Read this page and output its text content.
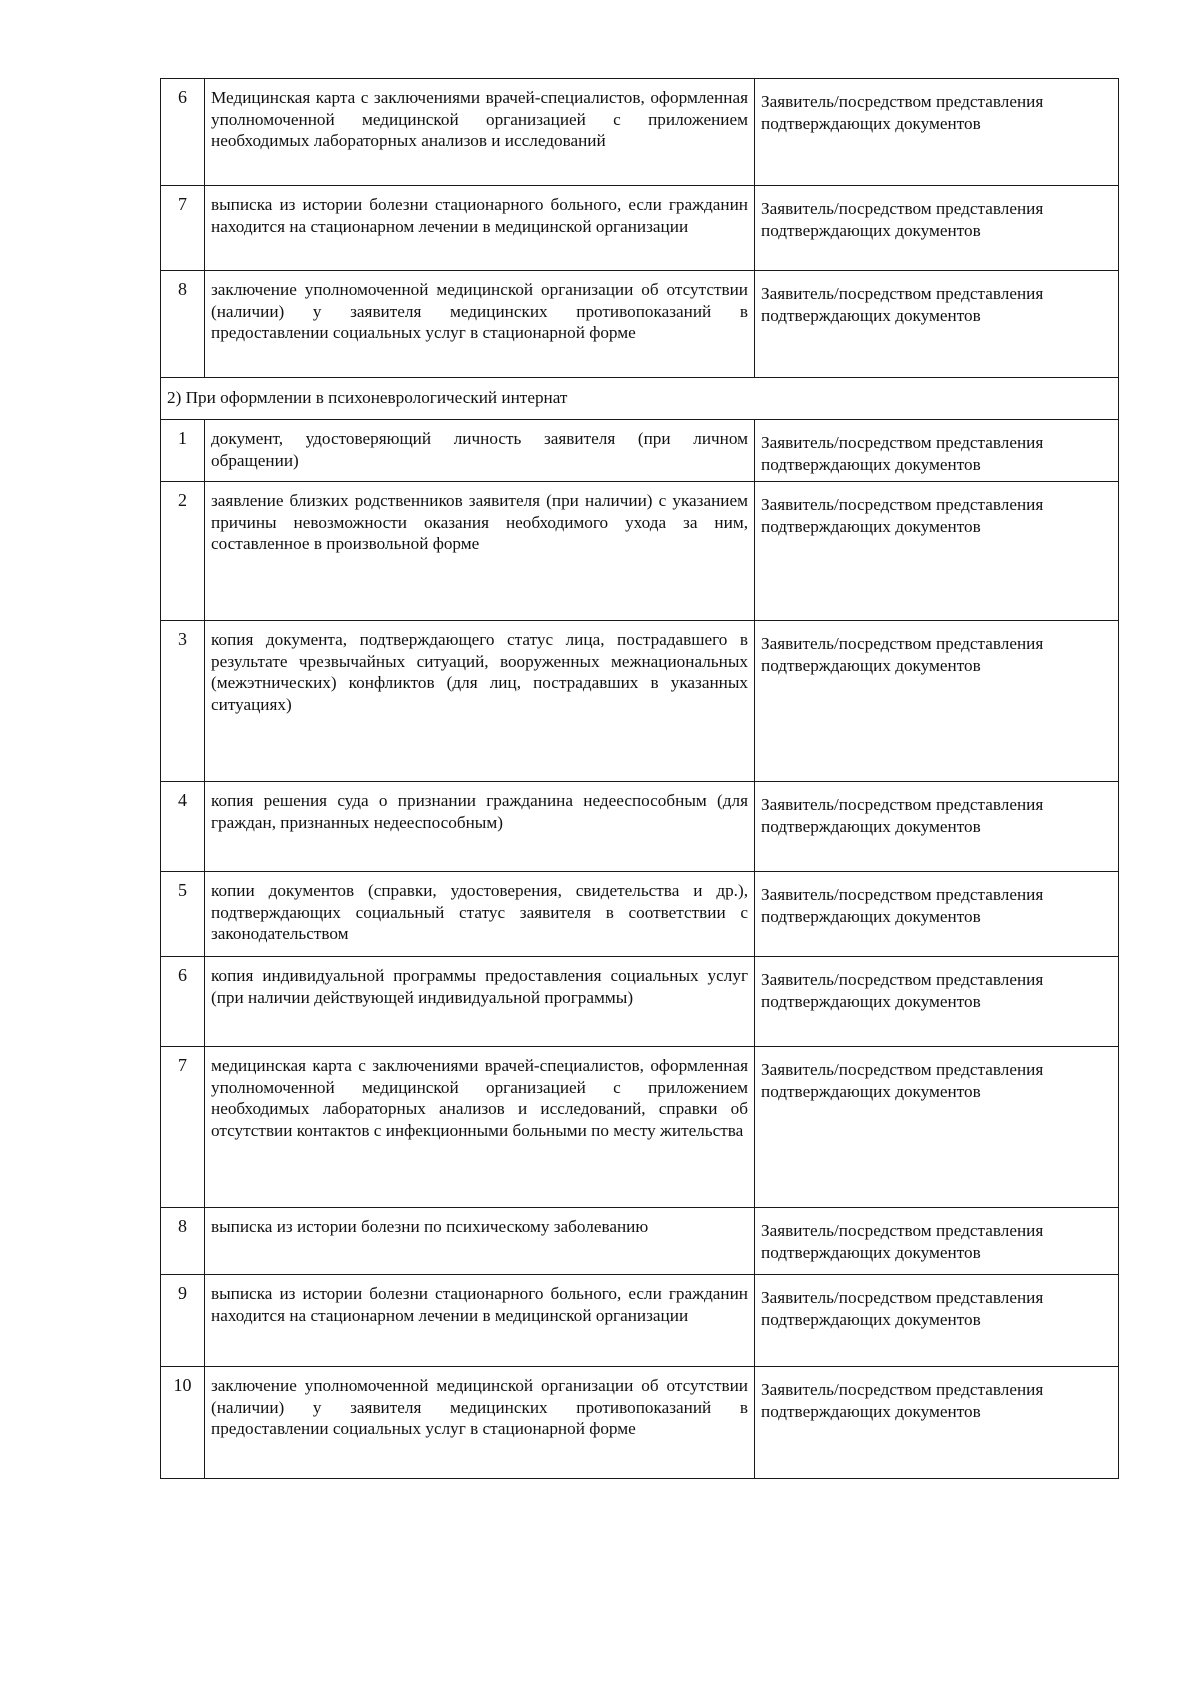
6	Медицинская карта с заключениями врачей-специалистов, оформленная уполномоченной медицинской организацией с приложением необходимых лабораторных анализов и исследований	Заявитель/посредством представления подтверждающих документов
7	выписка из истории болезни стационарного больного, если гражданин находится на стационарном лечении в медицинской организации	Заявитель/посредством представления подтверждающих документов
8	заключение уполномоченной медицинской организации об отсутствии (наличии) у заявителя медицинских противопоказаний в предоставлении социальных услуг в стационарной форме	Заявитель/посредством представления подтверждающих документов
2) При оформлении в психоневрологический интернат		
1	документ, удостоверяющий личность заявителя (при личном обращении)	Заявитель/посредством представления подтверждающих документов
2	заявление близких родственников заявителя (при наличии) с указанием причины невозможности оказания необходимого ухода за ним, составленное в произвольной форме	Заявитель/посредством представления подтверждающих документов
3	копия документа, подтверждающего статус лица, пострадавшего в результате чрезвычайных ситуаций, вооруженных межнациональных (межэтнических) конфликтов (для лиц, пострадавших в указанных ситуациях)	Заявитель/посредством представления подтверждающих документов
4	копия решения суда о признании гражданина недееспособным (для граждан, признанных недееспособным)	Заявитель/посредством представления подтверждающих документов
5	копии документов (справки, удостоверения, свидетельства и др.), подтверждающих социальный статус заявителя в соответствии с законодательством	Заявитель/посредством представления подтверждающих документов
6	копия индивидуальной программы предоставления социальных услуг (при наличии действующей индивидуальной программы)	Заявитель/посредством представления подтверждающих документов
7	медицинская карта с заключениями врачей-специалистов, оформленная уполномоченной медицинской организацией с приложением необходимых лабораторных анализов и исследований, справки об отсутствии контактов с инфекционными больными по месту жительства	Заявитель/посредством представления подтверждающих документов
8	выписка из истории болезни по психическому заболеванию	Заявитель/посредством представления подтверждающих документов
9	выписка из истории болезни стационарного больного, если гражданин находится на стационарном лечении в медицинской организации	Заявитель/посредством представления подтверждающих документов
10	заключение уполномоченной медицинской организации об отсутствии (наличии) у заявителя медицинских противопоказаний в предоставлении социальных услуг в стационарной форме	Заявитель/посредством представления подтверждающих документов
